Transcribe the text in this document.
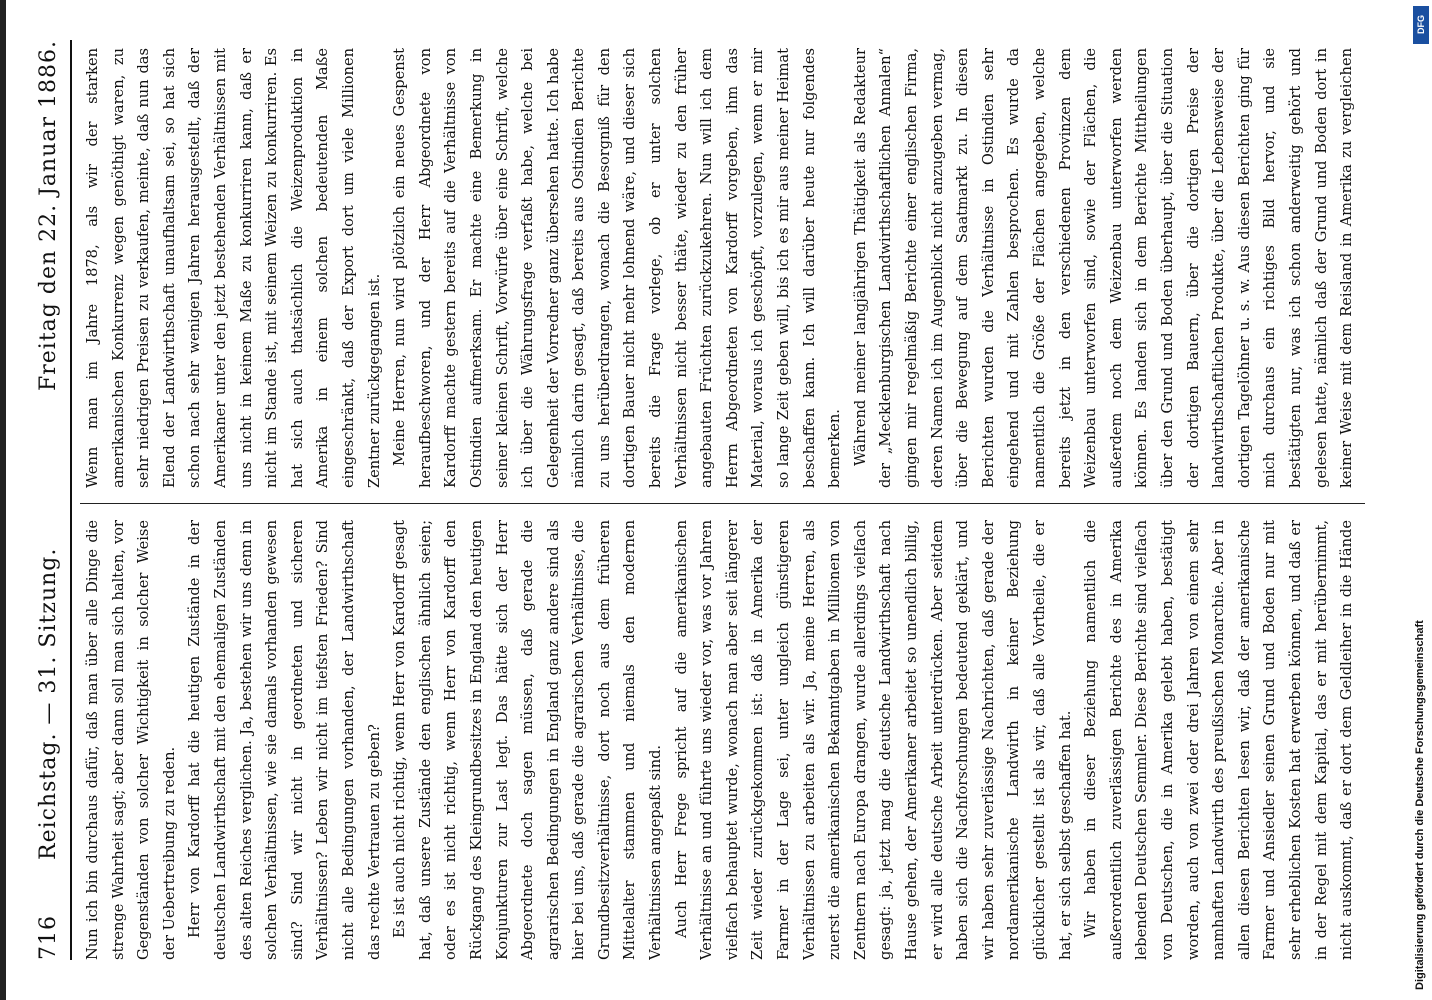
716
Reichstag. — 31. Sitzung.
Freitag den 22. Januar 1886.

Nun ich bin durchaus dafür, daß man über alle Dinge die strenge Wahrheit sagt; aber dann soll man sich halten, vor Gegenständen von solcher Wichtigkeit in solcher Weise der Uebertreibung zu reden. Herr von Kardorff hat die heutigen Zustände in der deutschen Landwirthschaft mit den ehemaligen Zuständen des alten Reiches verglichen. Ja, bestehen wir uns denn in solchen Verhältnissen, wie sie damals vorhanden gewesen sind? Sind wir nicht in geordneten und sicheren Verhältnissen? Leben wir nicht im tiefsten Frieden? Sind nicht alle Bedingungen vorhanden, der Landwirthschaft das rechte Vertrauen zu geben? Es ist auch nicht richtig, wenn Herr von Kardorff gesagt hat, daß unsere Zustände den englischen ähnlich seien; oder es ist nicht richtig, wenn Herr von Kardorff den Rückgang des Kleingrundbesitzes in England den heutigen Konjunkturen zur Last legt. Das hätte sich der Herr Abgeordnete doch sagen müssen, daß gerade die agrarischen Bedingungen in England ganz andere sind als hier bei uns, daß gerade die agrarischen Verhältnisse, die Grundbesitzverhältnisse, dort noch aus dem früheren Mittelalter stammen und niemals den modernen Verhältnissen angepaßt sind. Auch Herr Frege spricht auf die amerikanischen Verhältnisse an und führte uns wieder vor, was vor Jahren vielfach behauptet wurde, wonach man aber seit längerer Zeit wieder zurückgekommen ist: daß in Amerika der Farmer in der Lage sei, unter ungleich günstigeren Verhältnissen zu arbeiten als wir. Ja, meine Herren, als zuerst die amerikanischen Bekanntgaben in Millionen von Zentnern nach Europa drangen, wurde allerdings vielfach gesagt: ja, jetzt mag die deutsche Landwirthschaft nach Hause gehen, der Amerikaner arbeitet so unendlich billig, er wird alle deutsche Arbeit unterdrücken. Aber seitdem haben sich die Nachforschungen bedeutend geklärt, und wir haben sehr zuverlässige Nachrichten, daß gerade der nordamerikanische Landwirth in keiner Beziehung glücklicher gestellt ist als wir, daß alle Vortheile, die er hat, er sich selbst geschaffen hat. Wir haben in dieser Beziehung namentlich die außerordentlich zuverlässigen Berichte des in Amerika lebenden Deutschen Semmler. Diese Berichte sind vielfach von Deutschen, die in Amerika gelebt haben, bestätigt worden, auch von zwei oder drei Jahren von einem sehr namhaften Landwirth des preußischen Monarchie. Aber in allen diesen Berichten lesen wir, daß der amerikanische Farmer und Ansiedler seinen Grund und Boden nur mit sehr erheblichen Kosten hat erwerben können, und daß er in der Regel mit dem Kapital, das er mit herübernimmt, nicht auskommt, daß er dort dem Geldleiher in die Hände

Wenn man im Jahre 1878, als wir der starken amerikanischen Konkurrenz wegen genöthigt waren, zu sehr niedrigen Preisen zu verkaufen, meinte, daß nun das Elend der Landwirthschaft unaufhaltsam sei, so hat sich schon nach sehr wenigen Jahren herausgestellt, daß der Amerikaner unter den jetzt bestehenden Verhältnissen mit uns nicht in keinem Maße zu konkurriren kann, daß er nicht im Stande ist, mit seinem Weizen zu konkurriren. Es hat sich auch thatsächlich die Weizenproduktion in Amerika in einem solchen bedeutenden Maße eingeschränkt, daß der Export dort um viele Millionen Zentner zurückgegangen ist. Meine Herren, nun wird plötzlich ein neues Gespenst heraufbeschworen, und der Herr Abgeordnete von Kardorff machte gestern bereits auf die Verhältnisse von Ostindien aufmerksam. Er machte eine Bemerkung in seiner kleinen Schrift, Vorwürfe über eine Schrift, welche ich über die Währungsfrage verfaßt habe, welche bei Gelegenheit der Vorredner ganz übersehen hatte. Ich habe nämlich darin gesagt, daß bereits aus Ostindien Berichte zu uns herüberdrangen, wonach die Besorgniß für den dortigen Bauer nicht mehr lohnend wäre, und dieser sich bereits die Frage vorlege, ob er unter solchen Verhältnissen nicht besser thäte, wieder zu den früher angebauten Früchten zurückzukehren. Nun will ich dem Herrn Abgeordneten von Kardorff vorgeben, ihm das Material, woraus ich geschöpft, vorzulegen, wenn er mir so lange Zeit geben will, bis ich es mir aus meiner Heimat beschaffen kann. Ich will darüber heute nur folgendes bemerken. Während meiner langjährigen Thätigkeit als Redakteur der „Mecklenburgischen Landwirthschaftlichen Annalen“ gingen mir regelmäßig Berichte einer englischen Firma, deren Namen ich im Augenblick nicht anzugeben vermag, über die Bewegung auf dem Saatmarkt zu. In diesen Berichten wurden die Verhältnisse in Ostindien sehr eingehend und mit Zahlen besprochen. Es wurde da namentlich die Größe der Flächen angegeben, welche bereits jetzt in den verschiedenen Provinzen dem Weizenbau unterworfen sind, sowie der Flächen, die außerdem noch dem Weizenbau unterworfen werden können. Es landen sich in dem Berichte Mittheilungen über den Grund und Boden überhaupt, über die Situation der dortigen Bauern, über die dortigen Preise der landwirthschaftlichen Produkte, über die Lebensweise der dortigen Tagelöhner u. s. w. Aus diesen Berichten ging für mich durchaus ein richtiges Bild hervor, und sie bestätigten nur, was ich schon anderweitig gehört und gelesen hatte, nämlich daß der Grund und Boden dort in keiner Weise mit dem Reisland in Amerika zu vergleichen

DFG
Digitalisierung gefördert durch die Deutsche Forschungsgemeinschaft
